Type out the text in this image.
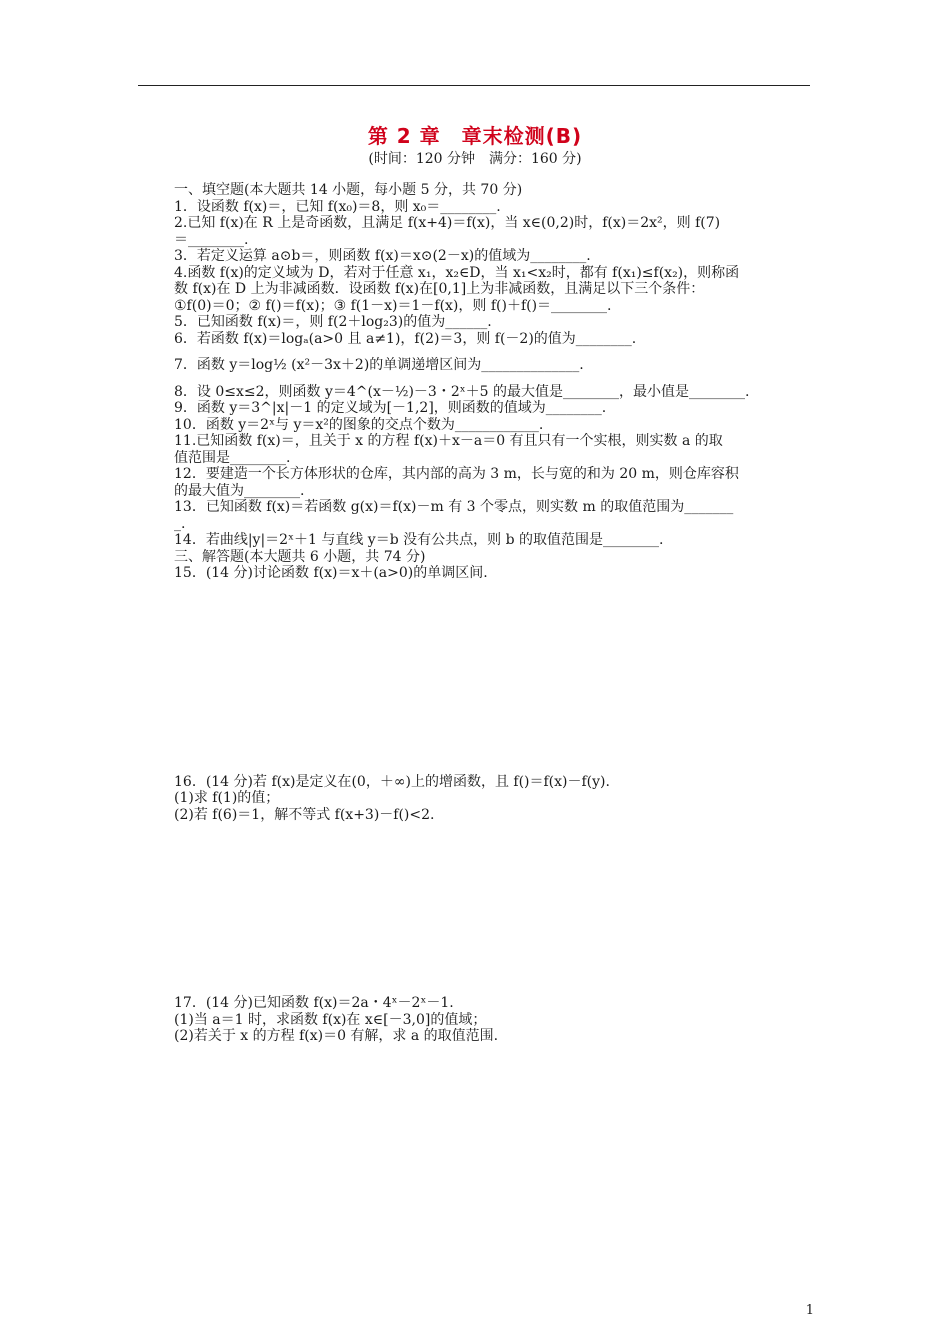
第 2 章　章末检测(B)
(时间：120 分钟　满分：160 分)

一、填空题(本大题共 14 小题，每小题 5 分，共 70 分)

1．设函数 f(x)＝，已知 f(x₀)＝8，则 x₀＝________.

2.已知 f(x)在 R 上是奇函数，且满足 f(x+4)＝f(x)，当 x∈(0,2)时，f(x)＝2x²，则 f(7)

＝________.

3．若定义运算 a⊙b＝，则函数 f(x)＝x⊙(2－x)的值域为________.

4.函数 f(x)的定义域为 D，若对于任意 x₁，x₂∈D，当 x₁<x₂时，都有 f(x₁)≤f(x₂)，则称函

数 f(x)在 D 上为非减函数．设函数 f(x)在[0,1]上为非减函数，且满足以下三个条件：

①f(0)＝0；② f()＝f(x)；③ f(1－x)＝1－f(x)，则 f()＋f()＝________.

5．已知函数 f(x)＝，则 f(2＋log₂3)的值为______.

6．若函数 f(x)＝logₐ(a>0 且 a≠1)，f(2)＝3，则 f(－2)的值为________.

7．函数 y＝log½ (x²－3x＋2)的单调递增区间为______________.

8．设 0≤x≤2，则函数 y＝4^(x－½)－3・2ˣ＋5 的最大值是________，最小值是________.

9．函数 y＝3^|x|－1 的定义域为[－1,2]，则函数的值域为________.

10．函数 y＝2ˣ与 y＝x²的图象的交点个数为____________.

11.已知函数 f(x)＝，且关于 x 的方程 f(x)＋x－a＝0 有且只有一个实根，则实数 a 的取

值范围是________.

12．要建造一个长方体形状的仓库，其内部的高为 3 m，长与宽的和为 20 m，则仓库容积

的最大值为________.

13．已知函数 f(x)＝若函数 g(x)＝f(x)－m 有 3 个零点，则实数 m 的取值范围为_______

_.

14．若曲线|y|＝2ˣ＋1 与直线 y＝b 没有公共点，则 b 的取值范围是________.

三、解答题(本大题共 6 小题，共 74 分)

15．(14 分)讨论函数 f(x)＝x＋(a>0)的单调区间.

16．(14 分)若 f(x)是定义在(0，＋∞)上的增函数，且 f()＝f(x)－f(y).

(1)求 f(1)的值；

(2)若 f(6)＝1，解不等式 f(x+3)－f()<2.

17．(14 分)已知函数 f(x)＝2a・4ˣ－2ˣ－1.

(1)当 a＝1 时，求函数 f(x)在 x∈[－3,0]的值域；

(2)若关于 x 的方程 f(x)＝0 有解，求 a 的取值范围.

1
